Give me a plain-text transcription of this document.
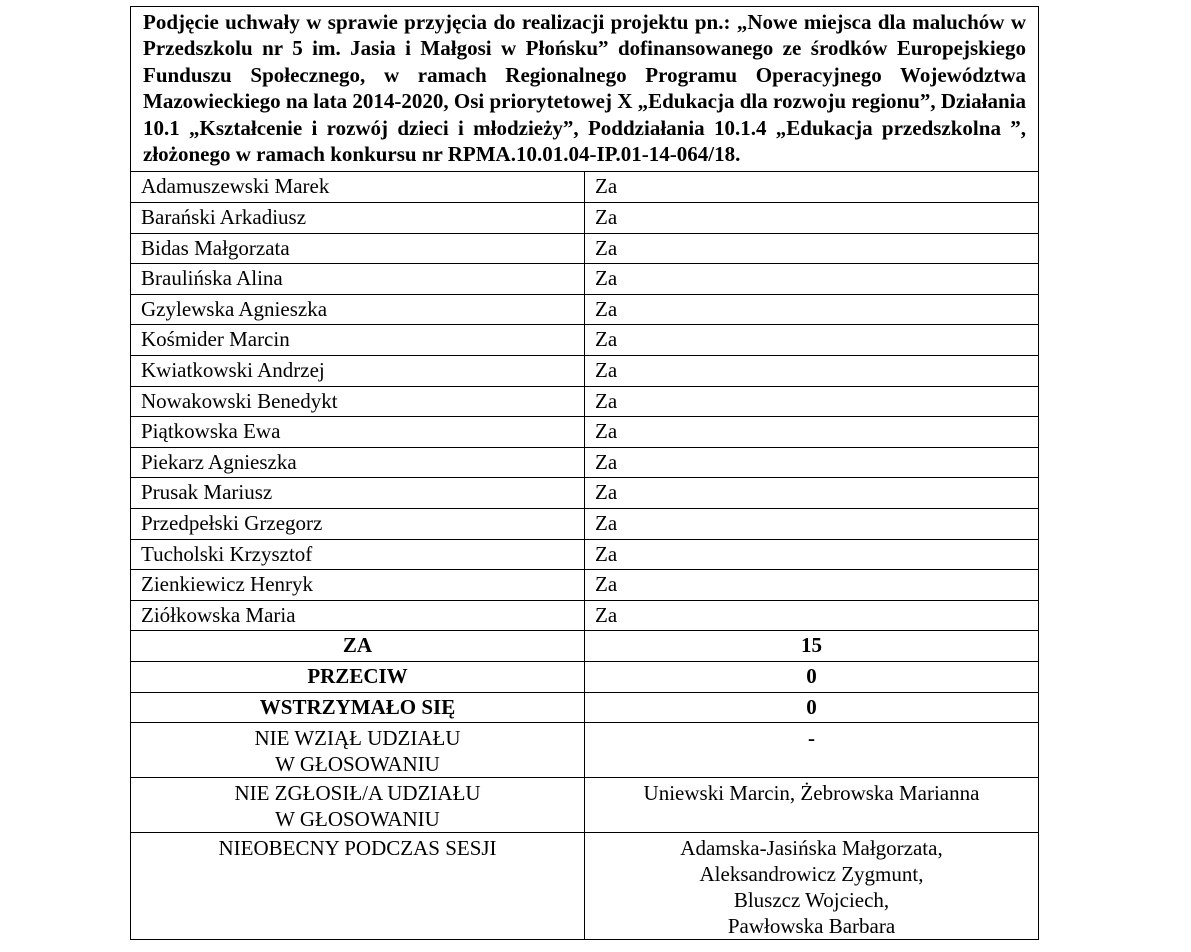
Podjęcie uchwały w sprawie przyjęcia do realizacji projektu pn.: „Nowe miejsca dla maluchów w Przedszkolu nr 5 im. Jasia i Małgosi w Płońsku” dofinansowanego ze środków Europejskiego Funduszu Społecznego, w ramach Regionalnego Programu Operacyjnego Województwa Mazowieckiego na lata 2014-2020, Osi priorytetowej X „Edukacja dla rozwoju regionu”, Działania 10.1 „Kształcenie i rozwój dzieci i młodzieży”, Poddziałania 10.1.4 „Edukacja przedszkolna ”, złożonego w ramach konkursu nr RPMA.10.01.04-IP.01-14-064/18.	
Adamuszewski Marek	Za
Barański Arkadiusz	Za
Bidas Małgorzata	Za
Braulińska Alina	Za
Gzylewska Agnieszka	Za
Kośmider Marcin	Za
Kwiatkowski Andrzej	Za
Nowakowski Benedykt	Za
Piątkowska Ewa	Za
Piekarz Agnieszka	Za
Prusak Mariusz	Za
Przedpełski Grzegorz	Za
Tucholski Krzysztof	Za
Zienkiewicz Henryk	Za
Ziółkowska Maria	Za
ZA	15
PRZECIW	0
WSTRZYMAŁO SIĘ	0

NIE WZIĄŁ UDZIAŁU
W GŁOSOWANIU	-

NIE ZGŁOSIŁ/A UDZIAŁU
W GŁOSOWANIU	Uniewski Marcin, Żebrowska Marianna
NIEOBECNY PODCZAS SESJI	Adamska-Jasińska Małgorzata,
Aleksandrowicz Zygmunt,
Bluszcz Wojciech,
Pawłowska Barbara
